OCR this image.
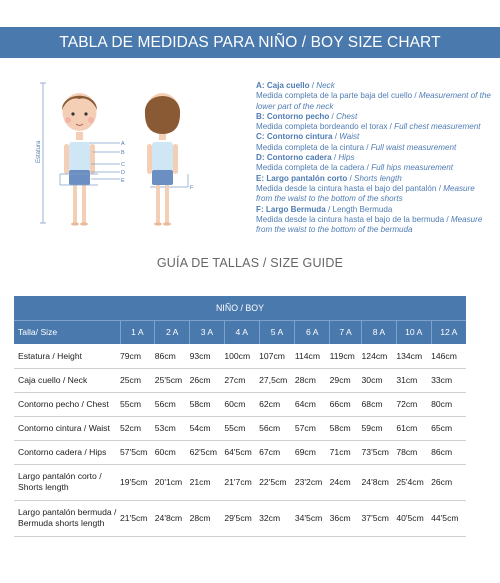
TABLA DE MEDIDAS PARA NIÑO / BOY SIZE CHART
Estatura	A
B
C
D
E
F
A: Caja cuello / Neck
Medida completa de la parte baja del cuello / Measurement of the lower part of the neck
B: Contorno pecho / Chest
Medida completa bordeando el torax / Full chest measurement
C: Contorno cintura / Waist
Medida completa de la cintura / Full waist measurement
D: Contorno cadera / Hips
Medida completa de la cadera / Full hips measurement
E: Largo pantalón corto / Shorts length
Medida desde la cintura hasta el bajo del pantalón / Measure from the waist to the bottom of the shorts
F: Largo Bermuda / Length Bermuda
Medida desde la cintura hasta el bajo de la bermuda / Measure from the waist to the bottom of the bermuda
GUÍA DE TALLAS / SIZE GUIDE
NIÑO / BOY										
Talla/ Size	1 A	2 A	3 A	4 A	5 A	6 A	7 A	8 A	10 A	12 A
Estatura / Height	79cm	86cm	93cm	100cm	107cm	114cm	119cm	124cm	134cm	146cm
Caja cuello / Neck	25cm	25'5cm	26cm	27cm	27,5cm	28cm	29cm	30cm	31cm	33cm
Contorno pecho / Chest	55cm	56cm	58cm	60cm	62cm	64cm	66cm	68cm	72cm	80cm
Contorno cintura / Waist	52cm	53cm	54cm	55cm	56cm	57cm	58cm	59cm	61cm	65cm
Contorno cadera / Hips	57'5cm	60cm	62'5cm	64'5cm	67cm	69cm	71cm	73'5cm	78cm	86cm
Largo pantalón corto / Shorts length	19'5cm	20'1cm	21cm	21'7cm	22'5cm	23'2cm	24cm	24'8cm	25'4cm	26cm
Largo pantalón bermuda / Bermuda shorts length	21'5cm	24'8cm	28cm	29'5cm	32cm	34'5cm	36cm	37'5cm	40'5cm	44'5cm
